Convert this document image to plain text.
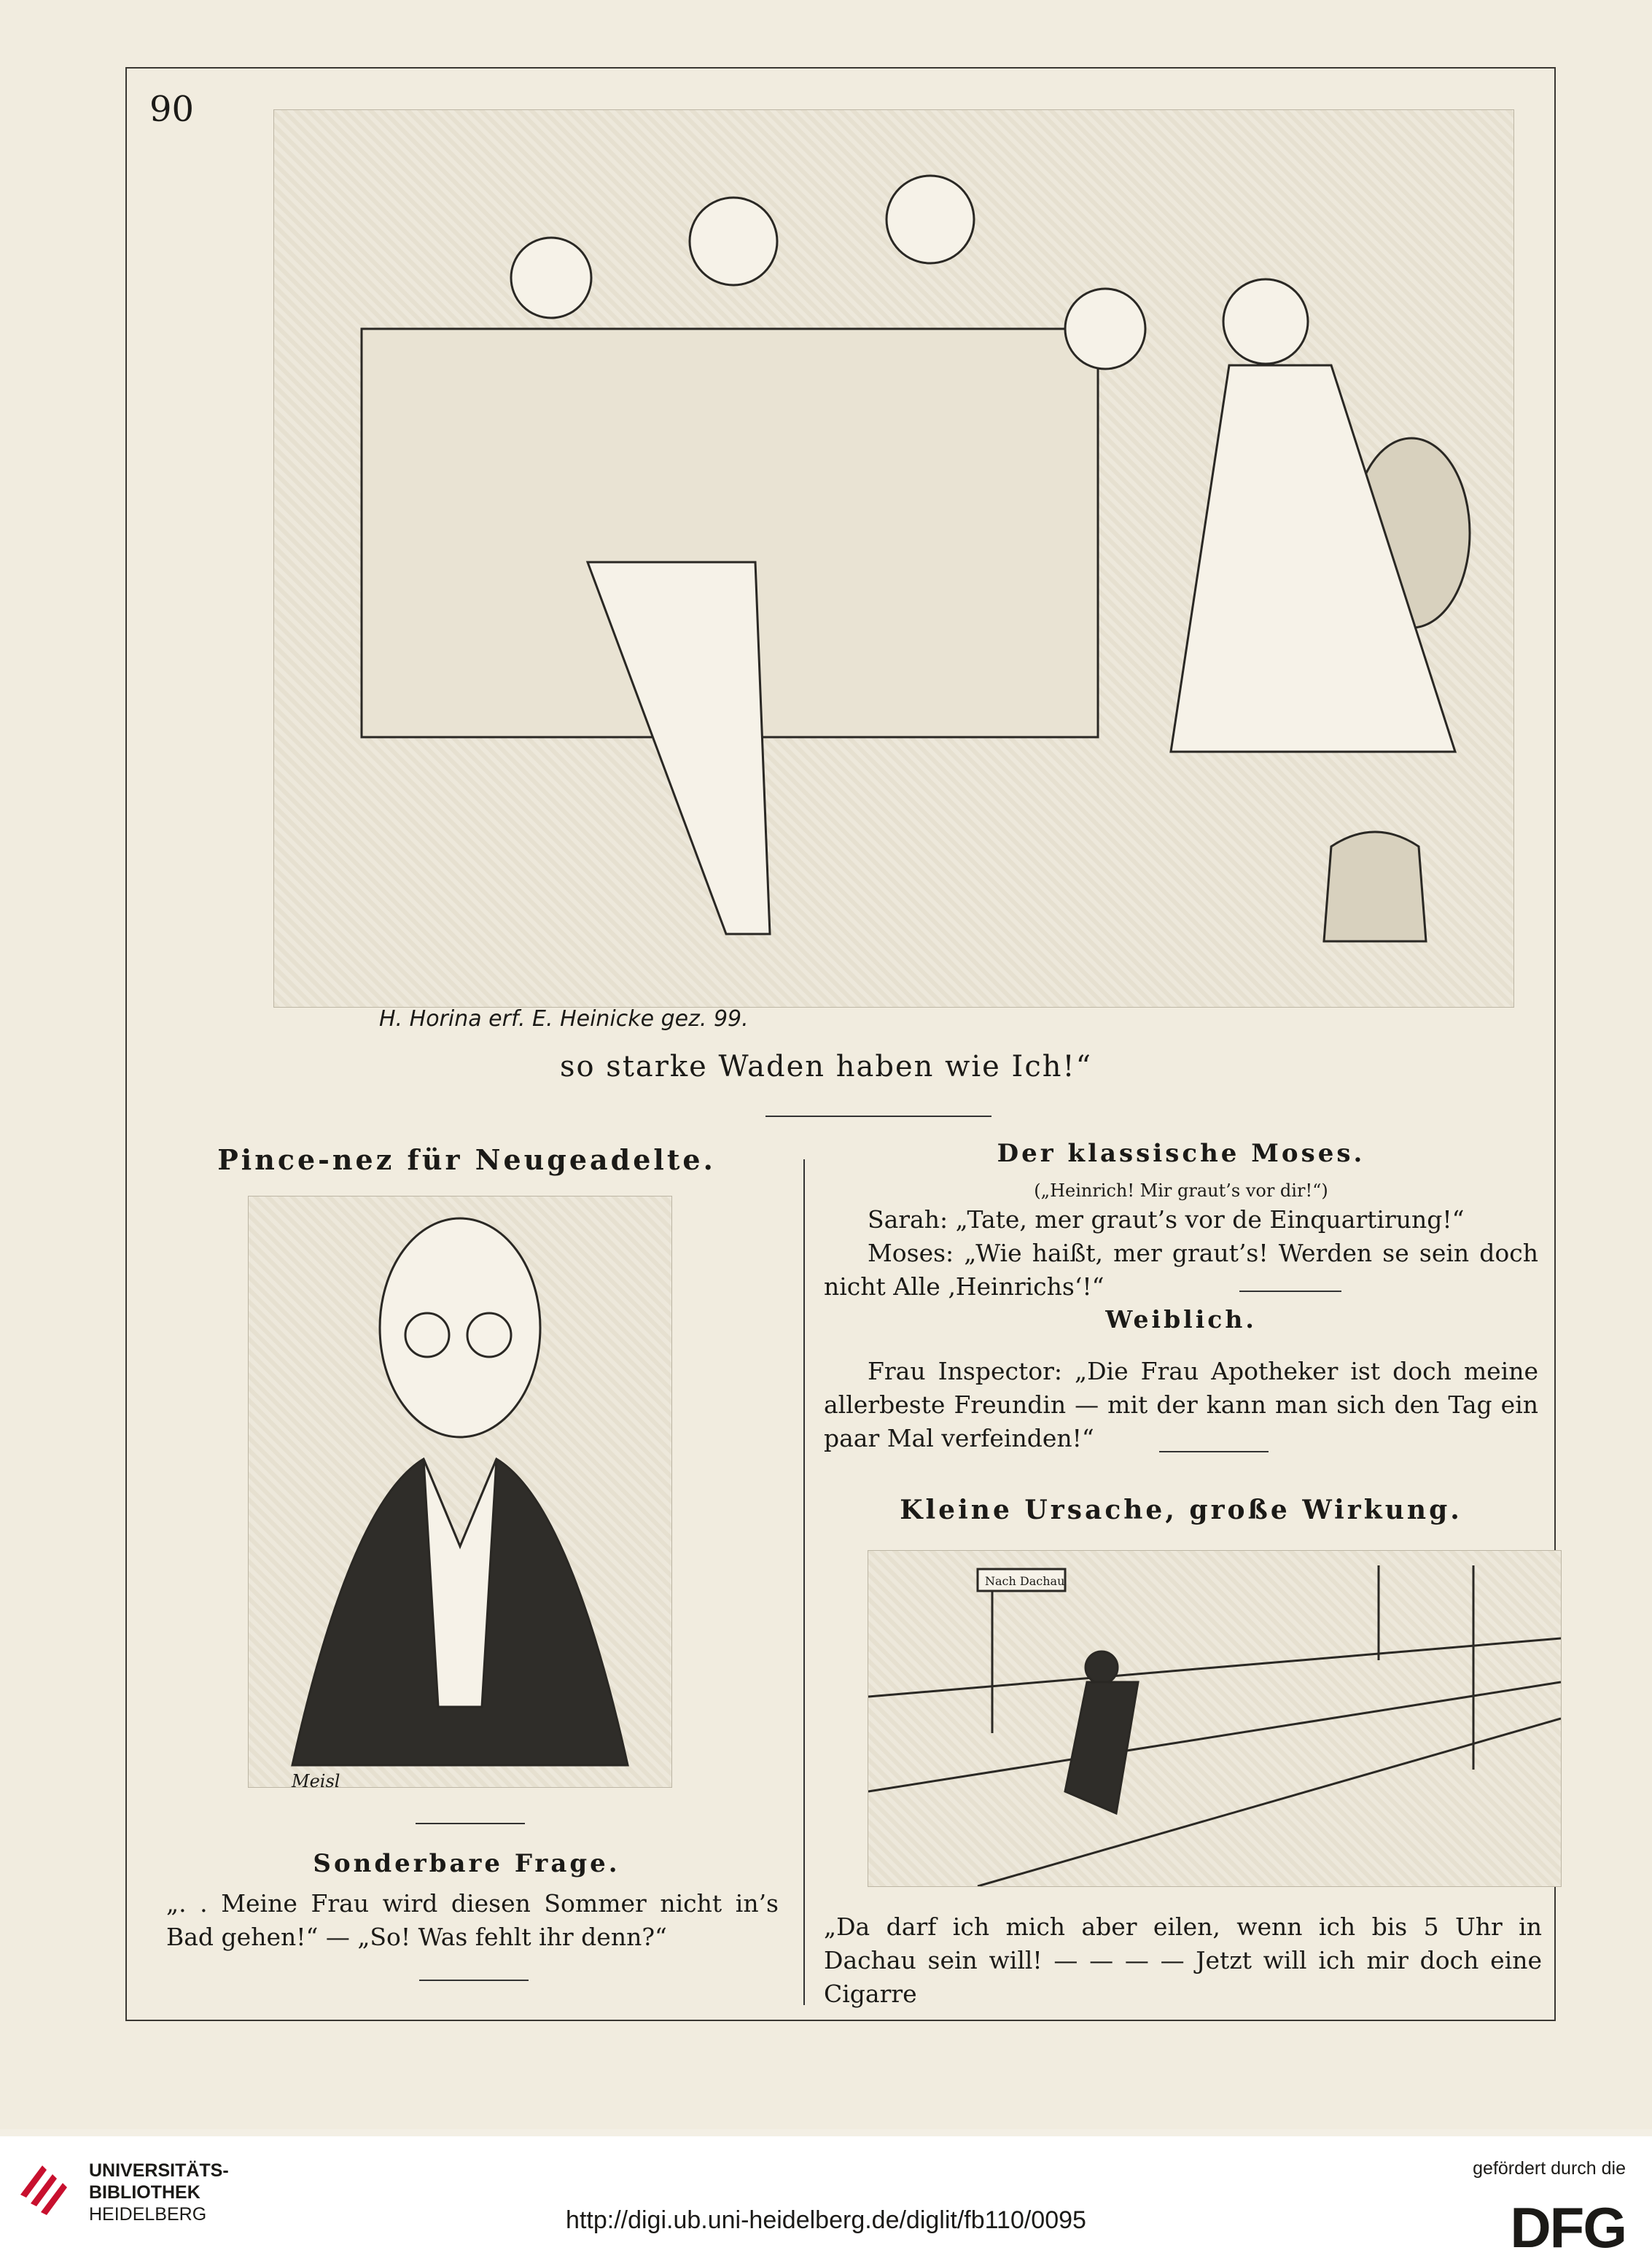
90
H. Horina erf. E. Heinicke gez. 99.
so starke Waden haben wie Ich!“
Pince-nez für Neugeadelte.
Meisl
Sonderbare Frage.
„. . Meine Frau wird diesen Sommer nicht in’s Bad gehen!“ — „So! Was fehlt ihr denn?“
Der klassische Moses.
(„Heinrich! Mir graut’s vor dir!“)
Sarah: „Tate, mer graut’s vor de Einquartirung!“
Moses: „Wie haißt, mer graut’s! Werden se sein doch nicht Alle ‚Heinrichs‘!“
Weiblich.
Frau Inspector: „Die Frau Apotheker ist doch meine allerbeste Freundin — mit der kann man sich den Tag ein paar Mal verfeinden!“
Kleine Ursache, große Wirkung.
Nach Dachau
„Da darf ich mich aber eilen, wenn ich bis 5 Uhr in Dachau sein will! — — — — Jetzt will ich mir doch eine Cigarre
UNIVERSITÄTS-
BIBLIOTHEK
HEIDELBERG	http://digi.ub.uni-heidelberg.de/diglit/fb110/0095
gefördert durch die
DFG
